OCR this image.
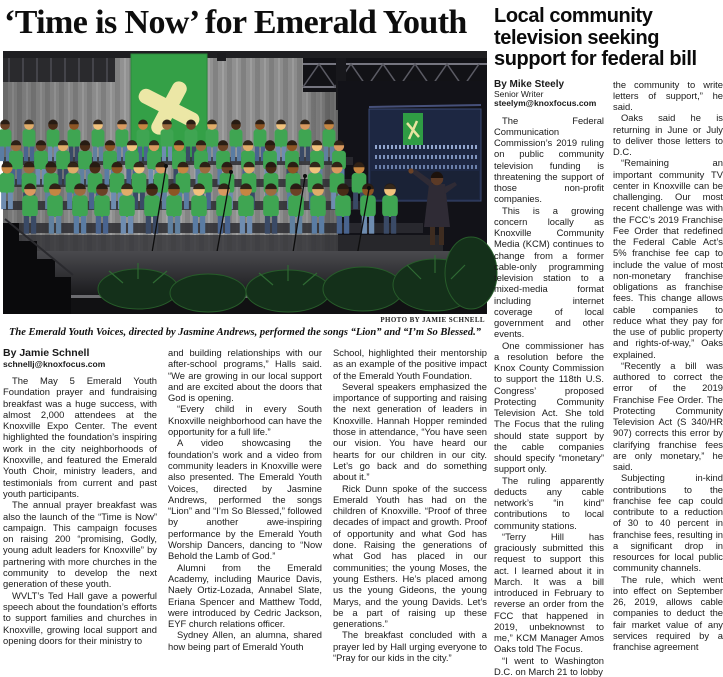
‘Time is Now’ for Emerald Youth
PHOTO BY JAMIE SCHNELL
The Emerald Youth Voices, directed by Jasmine Andrews, performed the songs “Lion” and “I’m So Blessed.”
By Jamie Schnell
schnellj@knoxfocus.com

The May 5 Emerald Youth Foundation prayer and fundraising breakfast was a huge success, with almost 2,000 attendees at the Knoxville Expo Center. The event highlighted the foundation’s inspiring work in the city neighborhoods of Knoxville, and featured the Emerald Youth Choir, ministry leaders, and testimonials from current and past youth participants.

The annual prayer breakfast was also the launch of the “Time is Now” campaign. This campaign focuses on raising 200 “promising, Godly, young adult leaders for Knoxville” by partnering with more churches in the community to develop the next generation of these youth.

WVLT’s Ted Hall gave a powerful speech about the foundation’s efforts to support families and churches in Knoxville, growing local support and opening doors for their ministry to

and building relationships with our after-school programs,” Halls said. “We are growing in our local support and are excited about the doors that God is opening.

“Every child in every South Knoxville neighborhood can have the opportunity for a full life.”

A video showcasing the foundation’s work and a video from community leaders in Knoxville were also presented. The Emerald Youth Voices, directed by Jasmine Andrews, performed the songs “Lion” and “I’m So Blessed,” followed by another awe-inspiring performance by the Emerald Youth Worship Dancers, dancing to “Now Behold the Lamb of God.”

Alumni from the Emerald Academy, including Maurice Davis, Naely Ortiz-Lozada, Annabel Slate, Eriana Spencer and Matthew Todd, were introduced by Cedric Jackson, EYF church relations officer.

Sydney Allen, an alumna, shared how being part of Emerald Youth

School, highlighted their mentorship as an example of the positive impact of the Emerald Youth Foundation.

Several speakers emphasized the importance of supporting and raising the next generation of leaders in Knoxville. Hannah Hopper reminded those in attendance, “You have seen our vision. You have heard our hearts for our children in our city. Let’s go back and do something about it.”

Rick Dunn spoke of the success Emerald Youth has had on the children of Knoxville. “Proof of three decades of impact and growth. Proof of opportunity and what God has done. Raising the generations of what God has placed in our communities; the young Moses, the young Esthers. He’s placed among us the young Gideons, the young Marys, and the young Davids. Let’s be a part of raising up these generations.”

The breakfast concluded with a prayer led by Hall urging everyone to “Pray for our kids in the city.”

Local community television seeking support for federal bill
By Mike Steely
Senior Writer
steelym@knoxfocus.com

The Federal Communication Commission’s 2019 ruling on public community television funding is threatening the support of those non-profit companies.

This is a growing concern locally as Knoxville Community Media (KCM) continues to change from a former cable-only programming television station to a mixed-media format including internet coverage of local government and other events.

One commissioner has a resolution before the Knox County Commission to support the 118th U.S. Congress’ proposed Protecting Community Television Act. She told The Focus that the ruling should state support by the cable companies should specify “monetary” support only.

The ruling apparently deducts any cable network’s “in kind” contributions to local community stations.

“Terry Hill has graciously submitted this request to support this act. I learned about it in March. It was a bill introduced in February to reverse an order from the FCC that happened in 2019, unbeknownst to me,” KCM Manager Amos Oaks told The Focus.

“I went to Washington D.C. on March 21 to lobby

the community to write letters of support,” he said.

Oaks said he is returning in June or July to deliver those letters to D.C.

“Remaining an important community TV center in Knoxville can be challenging. Our most recent challenge was with the FCC’s 2019 Franchise Fee Order that redefined the Federal Cable Act’s 5% franchise fee cap to include the value of most non-monetary franchise obligations as franchise fees. This change allows cable companies to reduce what they pay for the use of public property and rights-of-way,” Oaks explained.

“Recently a bill was authored to correct the error of the 2019 Franchise Fee Order. The Protecting Community Television Act (S 340/HR 907) corrects this error by clarifying franchise fees are only monetary,” he said.

Subjecting in-kind contributions to the franchise fee cap could contribute to a reduction of 30 to 40 percent in franchise fees, resulting in a significant drop in resources for local public community channels.

The rule, which went into effect on September 26, 2019, allows cable companies to deduct the fair market value of any services required by a franchise agreement
